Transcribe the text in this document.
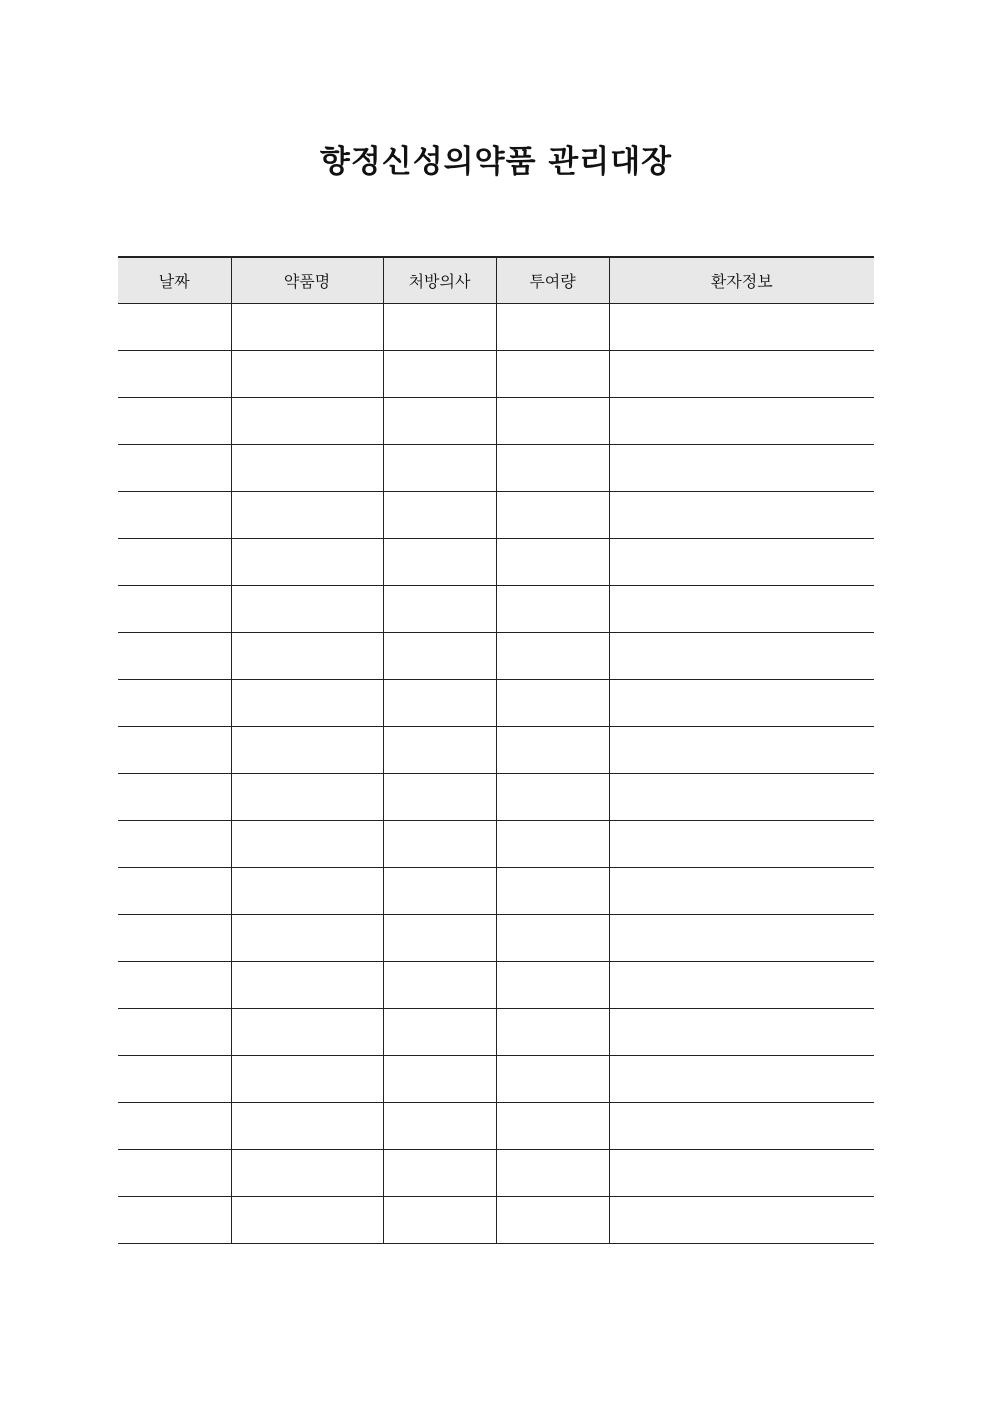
향정신성의약품 관리대장
날짜	약품명	처방의사	투여량	환자정보
